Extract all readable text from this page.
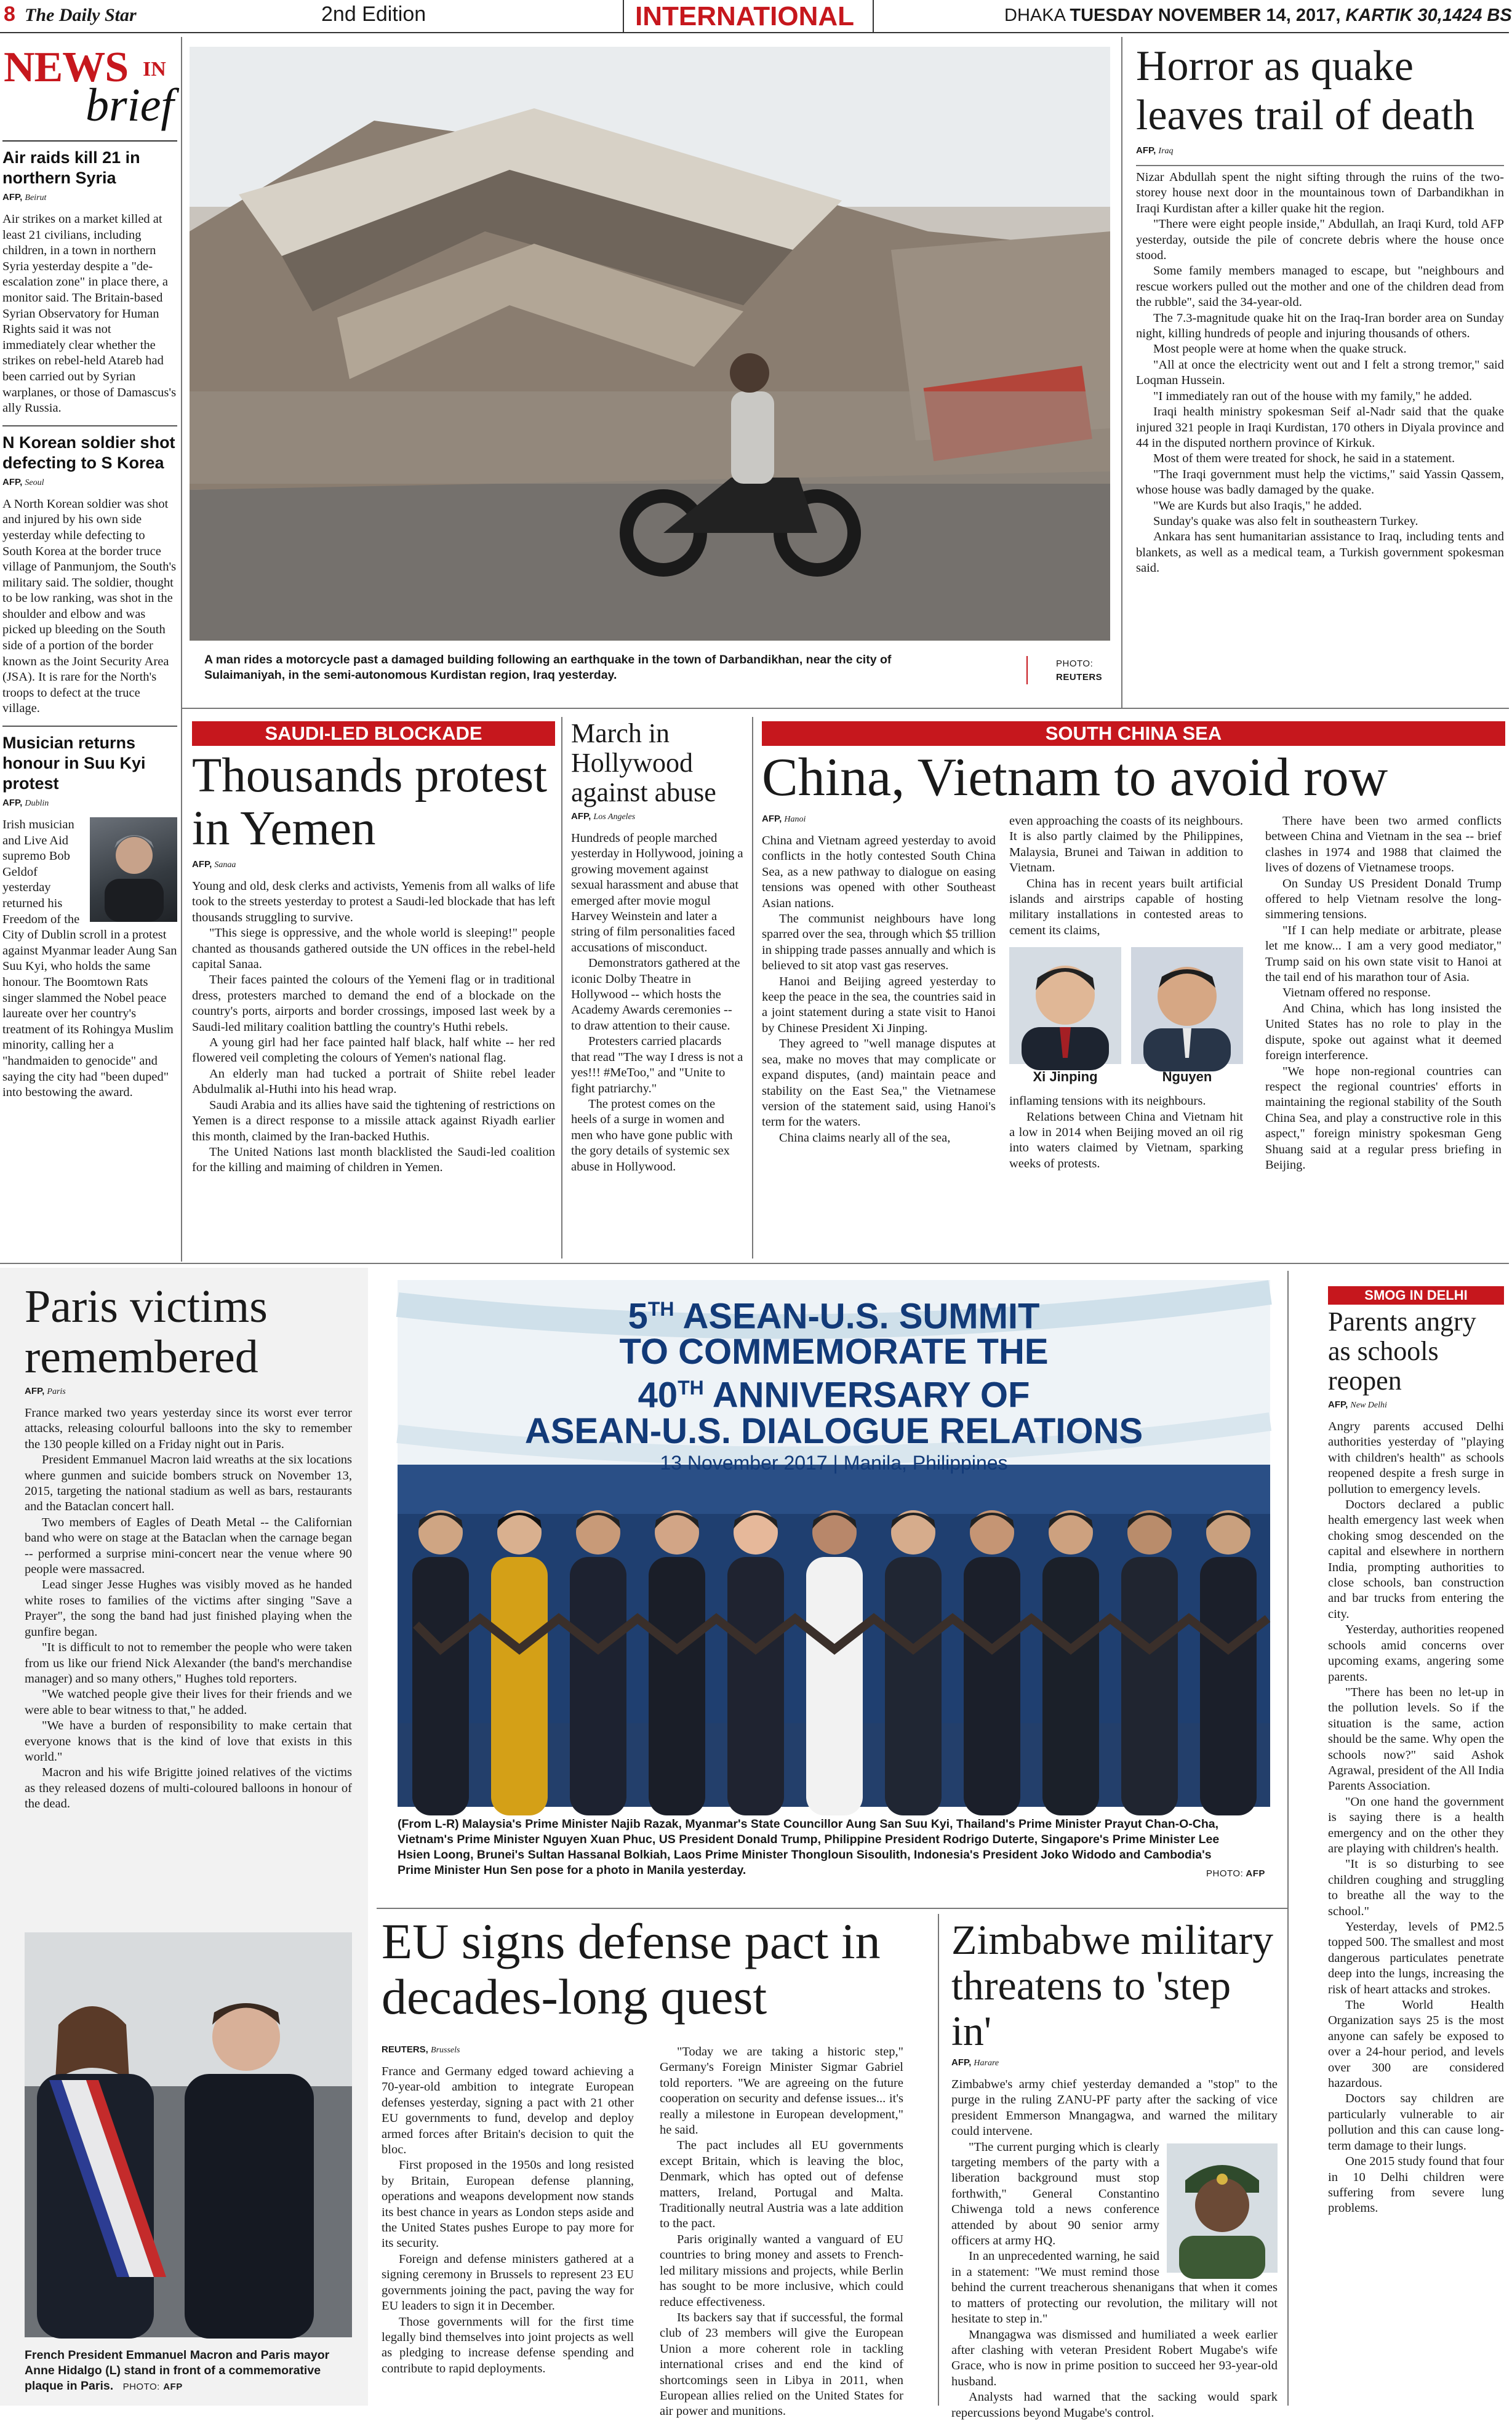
8 The Daily Star	2nd Edition	INTERNATIONAL	DHAKA TUESDAY NOVEMBER 14, 2017, KARTIK 30,1424 BS
NEWS IN
brief
Air raids kill 21 in northern Syria
AFP, Beirut
Air strikes on a market killed at least 21 civilians, including children, in a town in northern Syria yesterday despite a "de-escalation zone" in place there, a monitor said. The Britain-based Syrian Observatory for Human Rights said it was not immediately clear whether the strikes on rebel-held Atareb had been carried out by Syrian warplanes, or those of Damascus's ally Russia.
N Korean soldier shot defecting to S Korea
AFP, Seoul
A North Korean soldier was shot and injured by his own side yesterday while defecting to South Korea at the border truce village of Panmunjom, the South's military said. The soldier, thought to be low ranking, was shot in the shoulder and elbow and was picked up bleeding on the South side of a portion of the border known as the Joint Security Area (JSA). It is rare for the North's troops to defect at the truce village.
Musician returns honour in Suu Kyi protest
AFP, Dublin
Irish musician and Live Aid supremo Bob Geldof yesterday returned his Freedom of the City of Dublin scroll in a protest against Myanmar leader Aung San Suu Kyi, who holds the same honour. The Boomtown Rats singer slammed the Nobel peace laureate over her country's treatment of its Rohingya Muslim minority, calling her a "handmaiden to genocide" and saying the city had "been duped" into bestowing the award.
A man rides a motorcycle past a damaged building following an earthquake in the town of Darbandikhan, near the city of Sulaimaniyah, in the semi-autonomous Kurdistan region, Iraq yesterday.
PHOTO:
REUTERS
Horror as quake leaves trail of death
AFP, Iraq

Nizar Abdullah spent the night sifting through the ruins of the two-storey house next door in the mountainous town of Darbandikhan in Iraqi Kurdistan after a killer quake hit the region.

"There were eight people inside," Abdullah, an Iraqi Kurd, told AFP yesterday, outside the pile of concrete debris where the house once stood.

Some family members managed to escape, but "neighbours and rescue workers pulled out the mother and one of the children dead from the rubble", said the 34-year-old.

The 7.3-magnitude quake hit on the Iraq-Iran border area on Sunday night, killing hundreds of people and injuring thousands of others.

Most people were at home when the quake struck.

"All at once the electricity went out and I felt a strong tremor," said Loqman Hussein.

"I immediately ran out of the house with my family," he added.

Iraqi health ministry spokesman Seif al-Nadr said that the quake injured 321 people in Iraqi Kurdistan, 170 others in Diyala province and 44 in the disputed northern province of Kirkuk.

Most of them were treated for shock, he said in a statement.

"The Iraqi government must help the victims," said Yassin Qassem, whose house was badly damaged by the quake.

"We are Kurds but also Iraqis," he added.

Sunday's quake was also felt in southeastern Turkey.

Ankara has sent humanitarian assistance to Iraq, including tents and blankets, as well as a medical team, a Turkish government spokesman said.

SAUDI-LED BLOCKADE
Thousands protest in Yemen
AFP, Sanaa

Young and old, desk clerks and activists, Yemenis from all walks of life took to the streets yesterday to protest a Saudi-led blockade that has left thousands struggling to survive.

"This siege is oppressive, and the whole world is sleeping!" people chanted as thousands gathered outside the UN offices in the rebel-held capital Sanaa.

Their faces painted the colours of the Yemeni flag or in traditional dress, protesters marched to demand the end of a blockade on the country's ports, airports and border crossings, imposed last week by a Saudi-led military coalition battling the country's Huthi rebels.

A young girl had her face painted half black, half white -- her red flowered veil completing the colours of Yemen's national flag.

An elderly man had tucked a portrait of Shiite rebel leader Abdulmalik al-Huthi into his head wrap.

Saudi Arabia and its allies have said the tightening of restrictions on Yemen is a direct response to a missile attack against Riyadh earlier this month, claimed by the Iran-backed Huthis.

The United Nations last month blacklisted the Saudi-led coalition for the killing and maiming of children in Yemen.

March in Hollywood against abuse
AFP, Los Angeles

Hundreds of people marched yesterday in Hollywood, joining a growing movement against sexual harassment and abuse that emerged after movie mogul Harvey Weinstein and later a string of film personalities faced accusations of misconduct.

Demonstrators gathered at the iconic Dolby Theatre in Hollywood -- which hosts the Academy Awards ceremonies -- to draw attention to their cause.

Protesters carried placards that read "The way I dress is not a yes!!! #MeToo," and "Unite to fight patriarchy."

The protest comes on the heels of a surge in women and men who have gone public with the gory details of systemic sex abuse in Hollywood.

SOUTH CHINA SEA
China, Vietnam to avoid row
AFP, Hanoi

China and Vietnam agreed yesterday to avoid conflicts in the hotly contested South China Sea, as a new pathway to dialogue on easing tensions was opened with other Southeast Asian nations.

The communist neighbours have long sparred over the sea, through which $5 trillion in shipping trade passes annually and which is believed to sit atop vast gas reserves.

Hanoi and Beijing agreed yesterday to keep the peace in the sea, the countries said in a joint statement during a state visit to Hanoi by Chinese President Xi Jinping.

They agreed to "well manage disputes at sea, make no moves that may complicate or expand disputes, (and) maintain peace and stability on the East Sea," the Vietnamese version of the statement said, using Hanoi's term for the waters.

China claims nearly all of the sea,

even approaching the coasts of its neighbours. It is also partly claimed by the Philippines, Malaysia, Brunei and Taiwan in addition to Vietnam.

China has in recent years built artificial islands and airstrips capable of hosting military installations in contested areas to cement its claims,

Xi Jinping	Nguyen

inflaming tensions with its neighbours.

Relations between China and Vietnam hit a low in 2014 when Beijing moved an oil rig into waters claimed by Vietnam, sparking weeks of protests.

There have been two armed conflicts between China and Vietnam in the sea -- brief clashes in 1974 and 1988 that claimed the lives of dozens of Vietnamese troops.

On Sunday US President Donald Trump offered to help Vietnam resolve the long-simmering tensions.

"If I can help mediate or arbitrate, please let me know... I am a very good mediator," Trump said on his own state visit to Hanoi at the tail end of his marathon tour of Asia.

Vietnam offered no response.

And China, which has long insisted the United States has no role to play in the dispute, spoke out against what it deemed foreign interference.

"We hope non-regional countries can respect the regional countries' efforts in maintaining the regional stability of the South China Sea, and play a constructive role in this aspect," foreign ministry spokesman Geng Shuang said at a regular press briefing in Beijing.

Paris victims remembered
AFP, Paris

France marked two years yesterday since its worst ever terror attacks, releasing colourful balloons into the sky to remember the 130 people killed on a Friday night out in Paris.

President Emmanuel Macron laid wreaths at the six locations where gunmen and suicide bombers struck on November 13, 2015, targeting the national stadium as well as bars, restaurants and the Bataclan concert hall.

Two members of Eagles of Death Metal -- the Californian band who were on stage at the Bataclan when the carnage began -- performed a surprise mini-concert near the venue where 90 people were massacred.

Lead singer Jesse Hughes was visibly moved as he handed white roses to families of the victims after singing "Save a Prayer", the song the band had just finished playing when the gunfire began.

"It is difficult to not to remember the people who were taken from us like our friend Nick Alexander (the band's merchandise manager) and so many others," Hughes told reporters.

"We watched people give their lives for their friends and we were able to bear witness to that," he added.

"We have a burden of responsibility to make certain that everyone knows that is the kind of love that exists in this world."

Macron and his wife Brigitte joined relatives of the victims as they released dozens of multi-coloured balloons in honour of the dead.

French President Emmanuel Macron and Paris mayor Anne Hidalgo (L) stand in front of a commemorative plaque in Paris. PHOTO: AFP
5TH ASEAN-U.S. SUMMIT
TO COMMEMORATE THE
40TH ANNIVERSARY OF
ASEAN-U.S. DIALOGUE RELATIONS
13 November 2017 | Manila, Philippines
(From L-R) Malaysia's Prime Minister Najib Razak, Myanmar's State Councillor Aung San Suu Kyi, Thailand's Prime Minister Prayut Chan-O-Cha, Vietnam's Prime Minister Nguyen Xuan Phuc, US President Donald Trump, Philippine President Rodrigo Duterte, Singapore's Prime Minister Lee Hsien Loong, Brunei's Sultan Hassanal Bolkiah, Laos Prime Minister Thongloun Sisoulith, Indonesia's President Joko Widodo and Cambodia's Prime Minister Hun Sen pose for a photo in Manila yesterday.	PHOTO: AFP
SMOG IN DELHI
Parents angry as schools reopen
AFP, New Delhi

Angry parents accused Delhi authorities yesterday of "playing with children's health" as schools reopened despite a fresh surge in pollution to emergency levels.

Doctors declared a public health emergency last week when choking smog descended on the capital and elsewhere in northern India, prompting authorities to close schools, ban construction and bar trucks from entering the city.

Yesterday, authorities reopened schools amid concerns over upcoming exams, angering some parents.

"There has been no let-up in the pollution levels. So if the situation is the same, action should be the same. Why open the schools now?" said Ashok Agrawal, president of the All India Parents Association.

"On one hand the government is saying there is a health emergency and on the other they are playing with children's health.

"It is so disturbing to see children coughing and struggling to breathe all the way to the school."

Yesterday, levels of PM2.5 topped 500. The smallest and most dangerous particulates penetrate deep into the lungs, increasing the risk of heart attacks and strokes.

The World Health Organization says 25 is the most anyone can safely be exposed to over a 24-hour period, and levels over 300 are considered hazardous.

Doctors say children are particularly vulnerable to air pollution and this can cause long-term damage to their lungs.

One 2015 study found that four in 10 Delhi children were suffering from severe lung problems.

EU signs defense pact in decades-long quest
REUTERS, Brussels

France and Germany edged toward achieving a 70-year-old ambition to integrate European defenses yesterday, signing a pact with 21 other EU governments to fund, develop and deploy armed forces after Britain's decision to quit the bloc.

First proposed in the 1950s and long resisted by Britain, European defense planning, operations and weapons development now stands its best chance in years as London steps aside and the United States pushes Europe to pay more for its security.

Foreign and defense ministers gathered at a signing ceremony in Brussels to represent 23 EU governments joining the pact, paving the way for EU leaders to sign it in December.

Those governments will for the first time legally bind themselves into joint projects as well as pledging to increase defense spending and contribute to rapid deployments.

"Today we are taking a historic step," Germany's Foreign Minister Sigmar Gabriel told reporters. "We are agreeing on the future cooperation on security and defense issues... it's really a milestone in European development," he said.

The pact includes all EU governments except Britain, which is leaving the bloc, Denmark, which has opted out of defense matters, Ireland, Portugal and Malta. Traditionally neutral Austria was a late addition to the pact.

Paris originally wanted a vanguard of EU countries to bring money and assets to French-led military missions and projects, while Berlin has sought to be more inclusive, which could reduce effectiveness.

Its backers say that if successful, the formal club of 23 members will give the European Union a more coherent role in tackling international crises and end the kind of shortcomings seen in Libya in 2011, when European allies relied on the United States for air power and munitions.

Zimbabwe military threatens to 'step in'
AFP, Harare

Zimbabwe's army chief yesterday demanded a "stop" to the purge in the ruling ZANU-PF party after the sacking of vice president Emmerson Mnangagwa, and warned the military could intervene.

"The current purging which is clearly targeting members of the party with a liberation background must stop forthwith," General Constantino Chiwenga told a news conference attended by about 90 senior army officers at army HQ.

In an unprecedented warning, he said in a statement: "We must remind those behind the current treacherous shenanigans that when it comes to matters of protecting our revolution, the military will not hesitate to step in."

Mnangagwa was dismissed and humiliated a week earlier after clashing with veteran President Robert Mugabe's wife Grace, who is now in prime position to succeed her 93-year-old husband.

Analysts had warned that the sacking would spark repercussions beyond Mugabe's control.
